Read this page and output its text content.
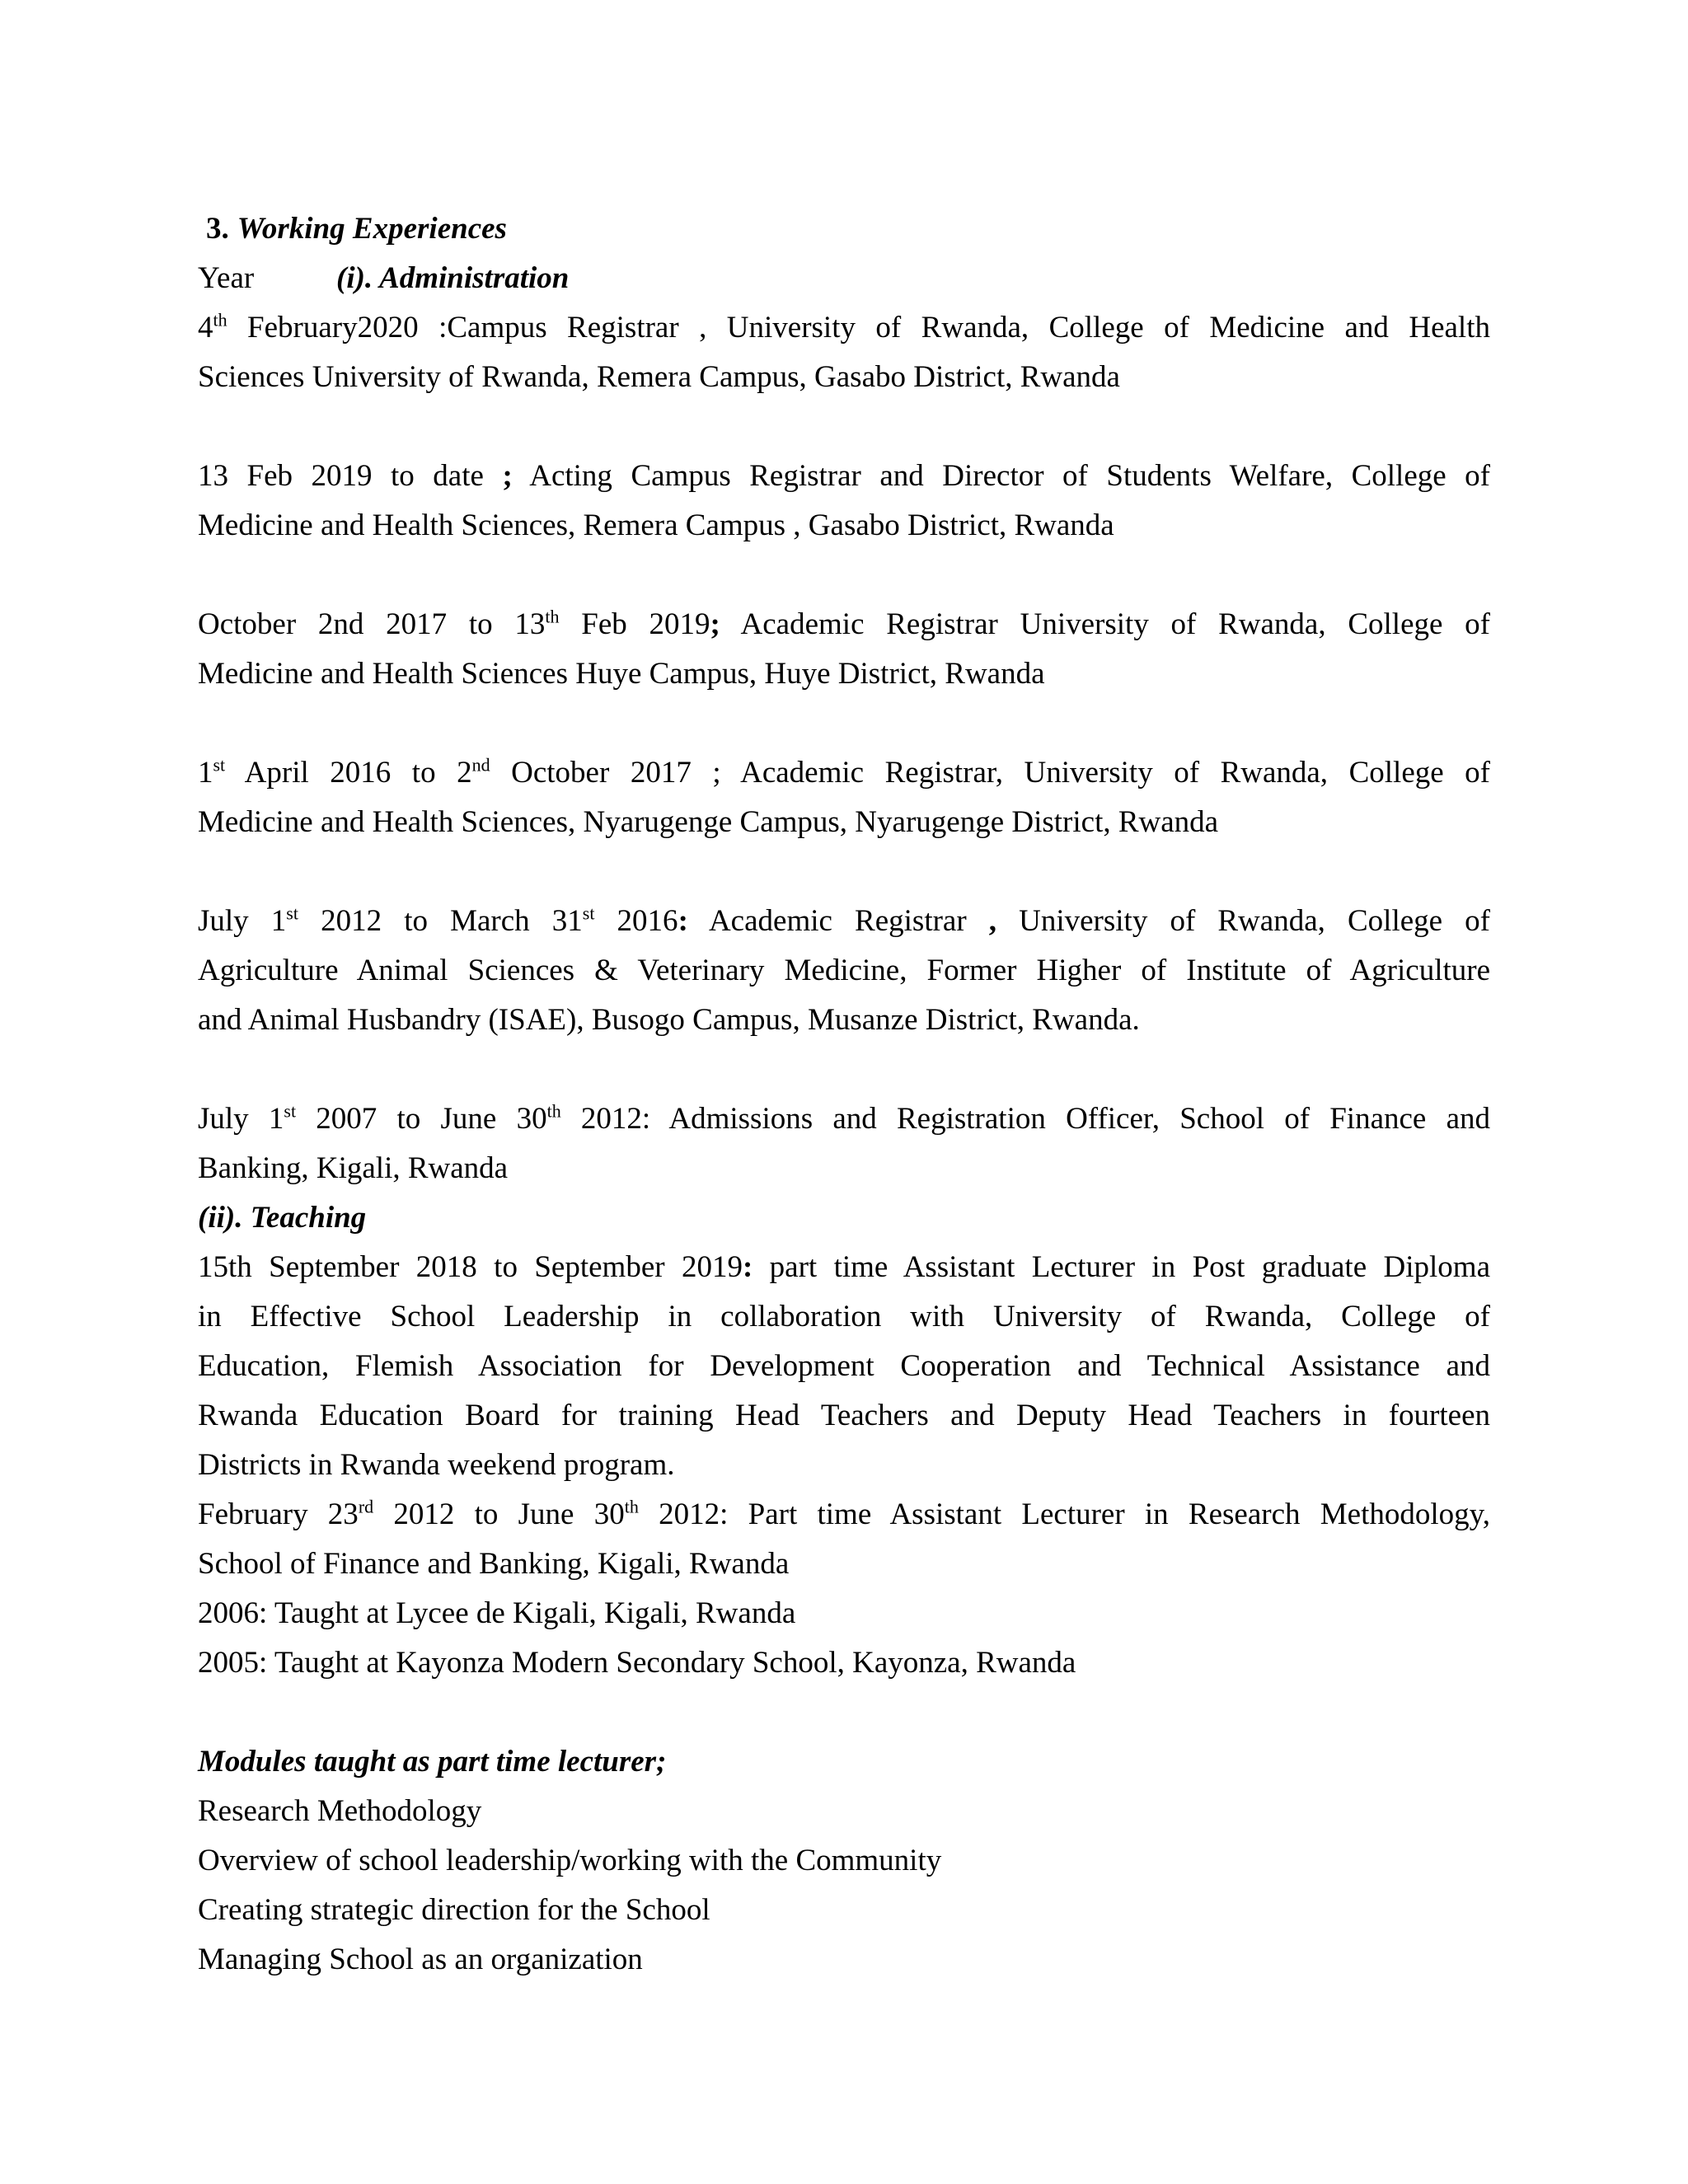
3. Working Experiences
Year	(i). Administration
4th February2020 :Campus Registrar , University of Rwanda, College of Medicine and Health
Sciences University of Rwanda, Remera Campus, Gasabo District, Rwanda
13 Feb 2019 to date ; Acting Campus Registrar and Director of Students Welfare, College of
Medicine and Health Sciences, Remera Campus , Gasabo District, Rwanda
October 2nd 2017 to 13th Feb 2019; Academic Registrar University of Rwanda, College of
Medicine and Health Sciences Huye Campus, Huye District, Rwanda
1st April 2016 to 2nd October 2017 ; Academic Registrar, University of Rwanda, College of
Medicine and Health Sciences, Nyarugenge Campus, Nyarugenge District, Rwanda
July 1st 2012 to March 31st 2016: Academic Registrar , University of Rwanda, College of
Agriculture Animal Sciences & Veterinary Medicine, Former Higher of Institute of Agriculture
and Animal Husbandry (ISAE), Busogo Campus, Musanze District, Rwanda.
July 1st 2007 to June 30th 2012: Admissions and Registration Officer, School of Finance and
Banking, Kigali, Rwanda
(ii). Teaching
15th September 2018 to September 2019: part time Assistant Lecturer in Post graduate Diploma
in Effective School Leadership in collaboration with University of Rwanda, College of
Education, Flemish Association for Development Cooperation and Technical Assistance and
Rwanda Education Board for training Head Teachers and Deputy Head Teachers in fourteen
Districts in Rwanda weekend program.
February 23rd 2012 to June 30th 2012: Part time Assistant Lecturer in Research Methodology,
School of Finance and Banking, Kigali, Rwanda
2006: Taught at Lycee de Kigali, Kigali, Rwanda
2005: Taught at Kayonza Modern Secondary School, Kayonza, Rwanda
Modules taught as part time lecturer;
Research Methodology
Overview of school leadership/working with the Community
Creating strategic direction for the School
Managing School as an organization
